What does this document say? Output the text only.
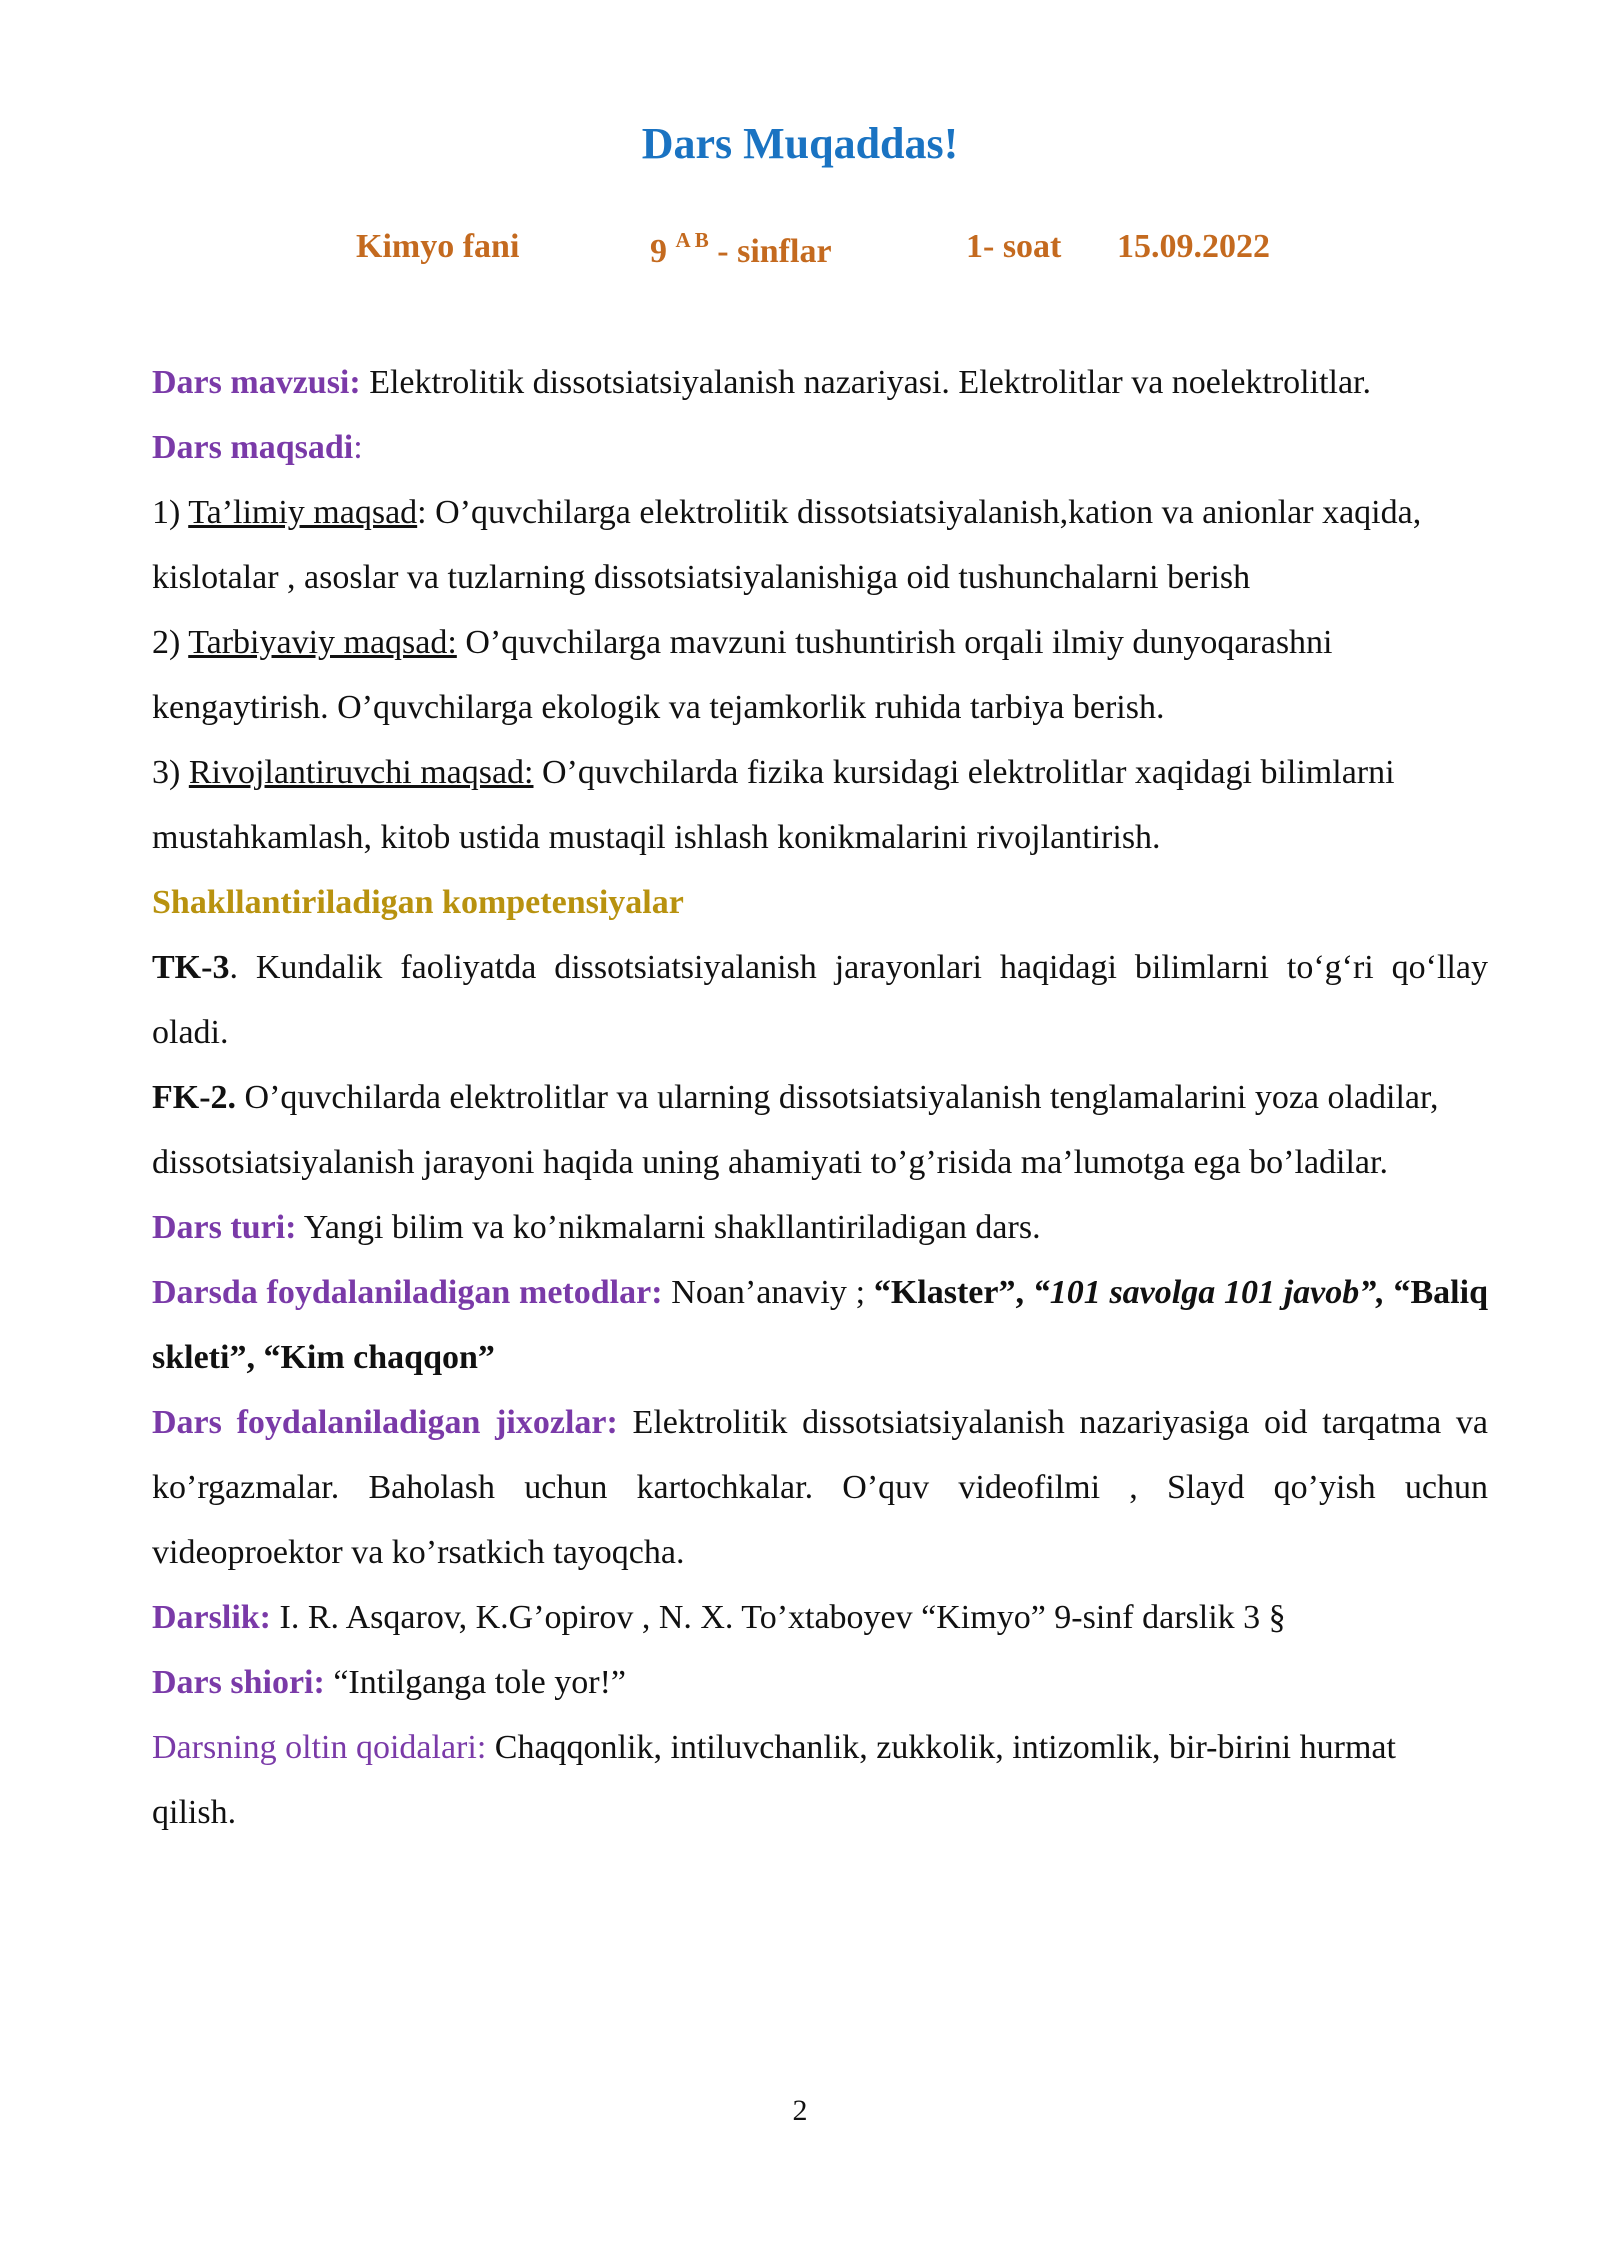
Dars Muqaddas!
Kimyo fani	9 $^{A B}$ - sinflar	1- soat 15.09.2022

Dars mavzusi: Elektrolitik dissotsiatsiyalanish nazariyasi. Elektrolitlar va noelektrolitlar.

Dars maqsadi:

1) Ta’limiy maqsad: O’quvchilarga elektrolitik dissotsiatsiyalanish,kation va anionlar xaqida, kislotalar , asoslar va tuzlarning dissotsiatsiyalanishiga oid tushunchalarni berish

2) Tarbiyaviy maqsad: O’quvchilarga mavzuni tushuntirish orqali ilmiy dunyoqarashni kengaytirish. O’quvchilarga ekologik va tejamkorlik ruhida tarbiya berish.

3) Rivojlantiruvchi maqsad: O’quvchilarda fizika kursidagi elektrolitlar xaqidagi bilimlarni mustahkamlash, kitob ustida mustaqil ishlash konikmalarini rivojlantirish.

Shakllantiriladigan kompetensiyalar

TK-3. Kundalik faoliyatda dissotsiatsiyalanish jarayonlari haqidagi bilimlarni to‘g‘ri qo‘llay oladi.

FK-2. O’quvchilarda elektrolitlar va ularning dissotsiatsiyalanish tenglamalarini yoza oladilar, dissotsiatsiyalanish jarayoni haqida uning ahamiyati to’g’risida ma’lumotga ega bo’ladilar.

Dars turi: Yangi bilim va ko’nikmalarni shakllantiriladigan dars.

Darsda foydalaniladigan metodlar: Noan’anaviy ; “Klaster”, “101 savolga 101 javob”, “Baliq skleti”, “Kim chaqqon”

Dars foydalaniladigan jixozlar: Elektrolitik dissotsiatsiyalanish nazariyasiga oid tarqatma va ko’rgazmalar. Baholash uchun kartochkalar. O’quv videofilmi , Slayd qo’yish uchun videoproektor va ko’rsatkich tayoqcha.

Darslik: I. R. Asqarov, K.G’opirov , N. X. To’xtaboyev “Kimyo” 9-sinf darslik 3 §

Dars shiori: “Intilganga tole yor!”

Darsning oltin qoidalari: Chaqqonlik, intiluvchanlik, zukkolik, intizomlik, bir-birini hurmat qilish.

2
